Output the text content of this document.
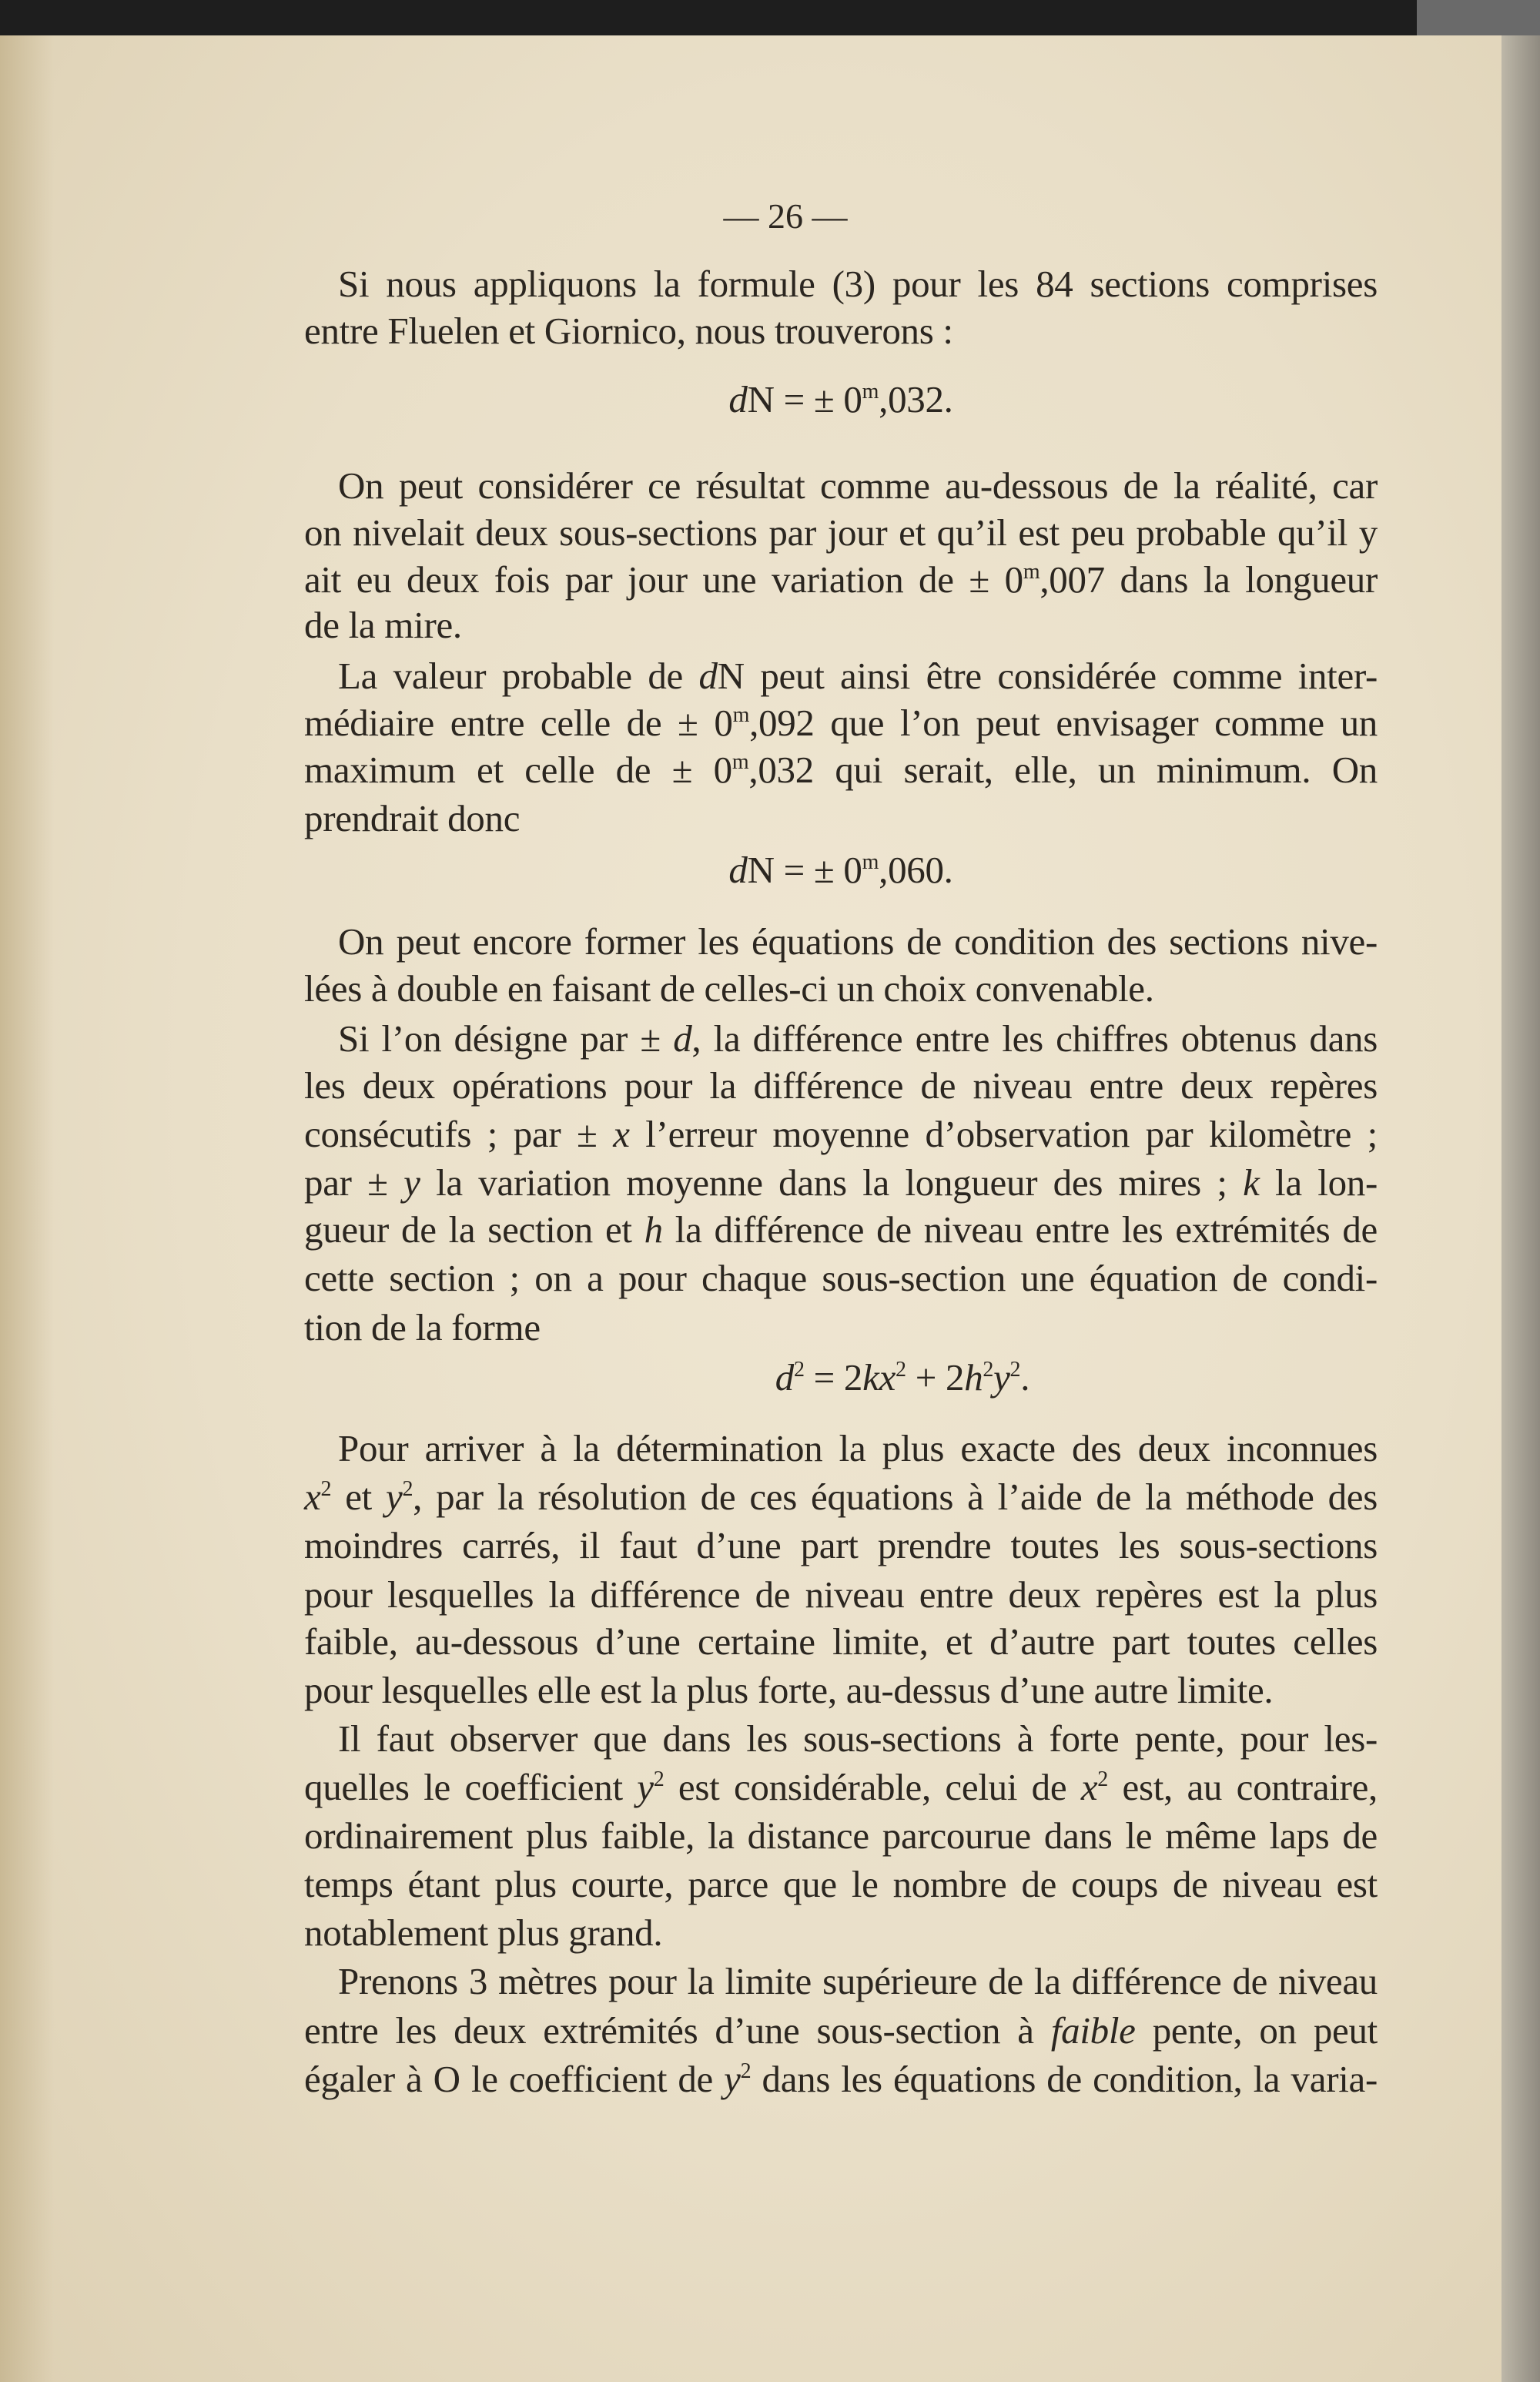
— 26 —
Si nous appliquons la formule (3) pour les 84 sections comprises
entre Fluelen et Giornico, nous trouverons :
dN = ± $0^m,032$.
On peut considérer ce résultat comme au-dessous de la réalité, car
on nivelait deux sous-sections par jour et qu’il est peu probable qu’il y
ait eu deux fois par jour une variation de ± $0^m,007$ dans la longueur
de la mire.
La valeur probable de dN peut ainsi être considérée comme inter-
médiaire entre celle de ± $0^m,092$ que l’on peut envisager comme un
maximum et celle de ± $0^m,032$ qui serait, elle, un minimum. On
prendrait donc
dN = ± $0^m,060$.
On peut encore former les équations de condition des sections nive-
lées à double en faisant de celles-ci un choix convenable.
Si l’on désigne par ± d, la différence entre les chiffres obtenus dans
les deux opérations pour la différence de niveau entre deux repères
consécutifs ; par ± x l’erreur moyenne d’observation par kilomètre ;
par ± y la variation moyenne dans la longueur des mires ; k la lon-
gueur de la section et h la différence de niveau entre les extrémités de
cette section ; on a pour chaque sous-section une équation de condi-
tion de la forme
$d^2 = 2kx^2 + 2h^2y^2$.
Pour arriver à la détermination la plus exacte des deux inconnues
$x^2$ et $y^2$, par la résolution de ces équations à l’aide de la méthode des
moindres carrés, il faut d’une part prendre toutes les sous-sections
pour lesquelles la différence de niveau entre deux repères est la plus
faible, au-dessous d’une certaine limite, et d’autre part toutes celles
pour lesquelles elle est la plus forte, au-dessus d’une autre limite.
Il faut observer que dans les sous-sections à forte pente, pour les-
quelles le coefficient $y^2$ est considérable, celui de $x^2$ est, au contraire,
ordinairement plus faible, la distance parcourue dans le même laps de
temps étant plus courte, parce que le nombre de coups de niveau est
notablement plus grand.
Prenons 3 mètres pour la limite supérieure de la différence de niveau
entre les deux extrémités d’une sous-section à faible pente, on peut
égaler à O le coefficient de $y^2$ dans les équations de condition, la varia-
